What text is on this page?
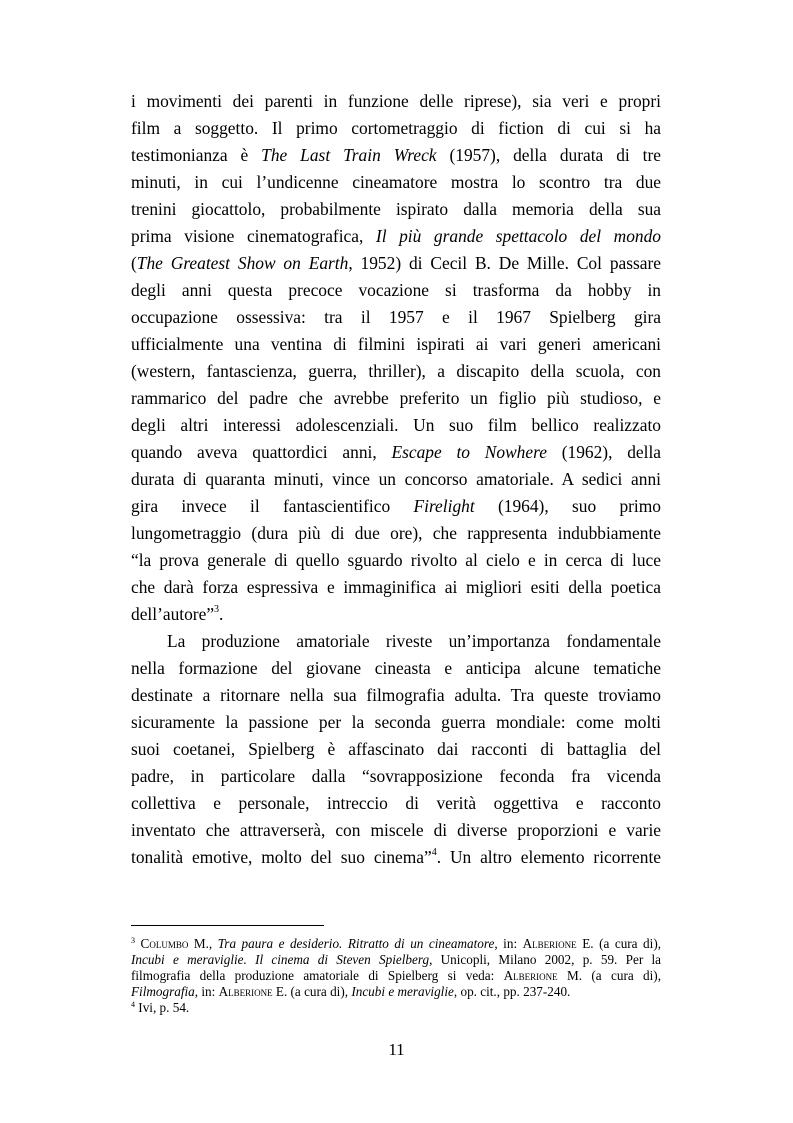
i movimenti dei parenti in funzione delle riprese), sia veri e propri
film a soggetto. Il primo cortometraggio di fiction di cui si ha
testimonianza è The Last Train Wreck (1957), della durata di tre
minuti, in cui l’undicenne cineamatore mostra lo scontro tra due
trenini giocattolo, probabilmente ispirato dalla memoria della sua
prima visione cinematografica, Il più grande spettacolo del mondo
(The Greatest Show on Earth, 1952) di Cecil B. De Mille. Col passare
degli anni questa precoce vocazione si trasforma da hobby in
occupazione ossessiva: tra il 1957 e il 1967 Spielberg gira
ufficialmente una ventina di filmini ispirati ai vari generi americani
(western, fantascienza, guerra, thriller), a discapito della scuola, con
rammarico del padre che avrebbe preferito un figlio più studioso, e
degli altri interessi adolescenziali. Un suo film bellico realizzato
quando aveva quattordici anni, Escape to Nowhere (1962), della
durata di quaranta minuti, vince un concorso amatoriale. A sedici anni
gira invece il fantascientifico Firelight (1964), suo primo
lungometraggio (dura più di due ore), che rappresenta indubbiamente
“la prova generale di quello sguardo rivolto al cielo e in cerca di luce
che darà forza espressiva e immaginifica ai migliori esiti della poetica
dell’autore”$^3$.
La produzione amatoriale riveste un’importanza fondamentale
nella formazione del giovane cineasta e anticipa alcune tematiche
destinate a ritornare nella sua filmografia adulta. Tra queste troviamo
sicuramente la passione per la seconda guerra mondiale: come molti
suoi coetanei, Spielberg è affascinato dai racconti di battaglia del
padre, in particolare dalla “sovrapposizione feconda fra vicenda
collettiva e personale, intreccio di verità oggettiva e racconto
inventato che attraverserà, con miscele di diverse proporzioni e varie
tonalità emotive, molto del suo cinema”$^4$. Un altro elemento ricorrente
$^3$ Columbo M., Tra paura e desiderio. Ritratto di un cineamatore, in: Alberione E. (a cura di),
Incubi e meraviglie. Il cinema di Steven Spielberg, Unicopli, Milano 2002, p. 59. Per la
filmografia della produzione amatoriale di Spielberg si veda: Alberione M. (a cura di),
Filmografia, in: Alberione E. (a cura di), Incubi e meraviglie, op. cit., pp. 237-240.
$^4$ Ivi, p. 54.
11
